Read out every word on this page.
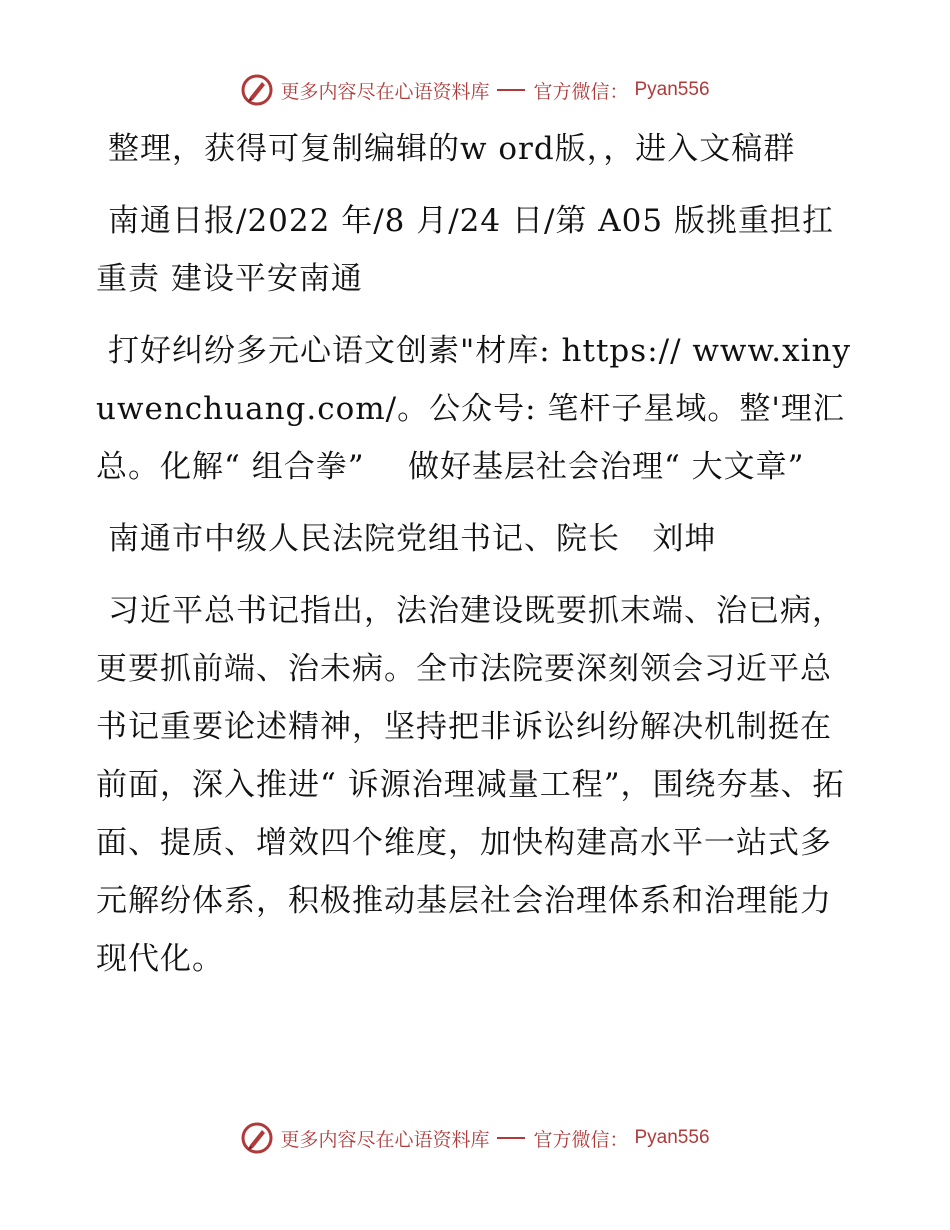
更多内容尽在心语资料库 官方微信： Pyan556

整理，获得可复制编辑的w ord版，，进入文稿群

南通日报/2022 年/8 月/24 日/第 A05 版挑重担扛重责 建设平安南通

打好纠纷多元心语文创素"材库: https:// www.xinyuwenchuang.com/。公众号: 笔杆子星域。整'理汇总。化解“ 组合拳”    做好基层社会治理“ 大文章”

南通市中级人民法院党组书记、院长   刘坤

习近平总书记指出，法治建设既要抓末端、治已病，更要抓前端、治未病。全市法院要深刻领会习近平总书记重要论述精神，坚持把非诉讼纠纷解决机制挺在前面，深入推进“ 诉源治理减量工程”，围绕夯基、拓面、提质、增效四个维度，加快构建高水平一站式多元解纷体系，积极推动基层社会治理体系和治理能力现代化。

更多内容尽在心语资料库 官方微信： Pyan556
